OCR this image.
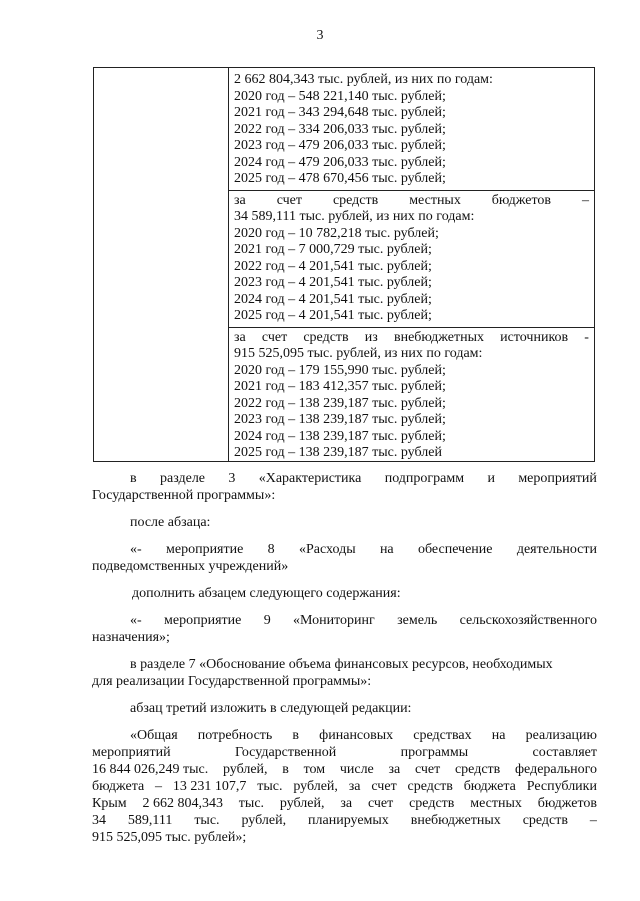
3
2 662 804,343 тыс. рублей, из них по годам:
2020 год – 548 221,140 тыс. рублей;
2021 год – 343 294,648 тыс. рублей;
2022 год – 334 206,033 тыс. рублей;
2023 год – 479 206,033 тыс. рублей;
2024 год – 479 206,033 тыс. рублей;
2025 год – 478 670,456 тыс. рублей;
за счет средств местных бюджетов –
34 589,111 тыс. рублей, из них по годам:
2020 год – 10 782,218 тыс. рублей;
2021 год – 7 000,729 тыс. рублей;
2022 год – 4 201,541 тыс. рублей;
2023 год – 4 201,541 тыс. рублей;
2024 год – 4 201,541 тыс. рублей;
2025 год – 4 201,541 тыс. рублей;
за счет средств из внебюджетных источников -
915 525,095 тыс. рублей, из них по годам:
2020 год – 179 155,990 тыс. рублей;
2021 год – 183 412,357 тыс. рублей;
2022 год – 138 239,187 тыс. рублей;
2023 год – 138 239,187 тыс. рублей;
2024 год – 138 239,187 тыс. рублей;
2025 год – 138 239,187 тыс. рублей
в разделе 3 «Характеристика подпрограмм и мероприятий
Государственной программы»:
после абзаца:
«- мероприятие 8 «Расходы на обеспечение деятельности
подведомственных учреждений»
дополнить абзацем следующего содержания:
«- мероприятие 9 «Мониторинг земель сельскохозяйственного
назначения»;
в разделе 7 «Обоснование объема финансовых ресурсов, необходимых
для реализации Государственной программы»:
абзац третий изложить в следующей редакции:
«Общая потребность в финансовых средствах на реализацию
мероприятий	Государственной	программы	составляет
16 844 026,249 тыс. рублей, в том числе за счет средств федерального
бюджета – 13 231 107,7 тыс. рублей, за счет средств бюджета Республики
Крым 2 662 804,343 тыс. рублей, за счет средств местных бюджетов
34 589,111 тыс. рублей, планируемых внебюджетных средств –
915 525,095 тыс. рублей»;
